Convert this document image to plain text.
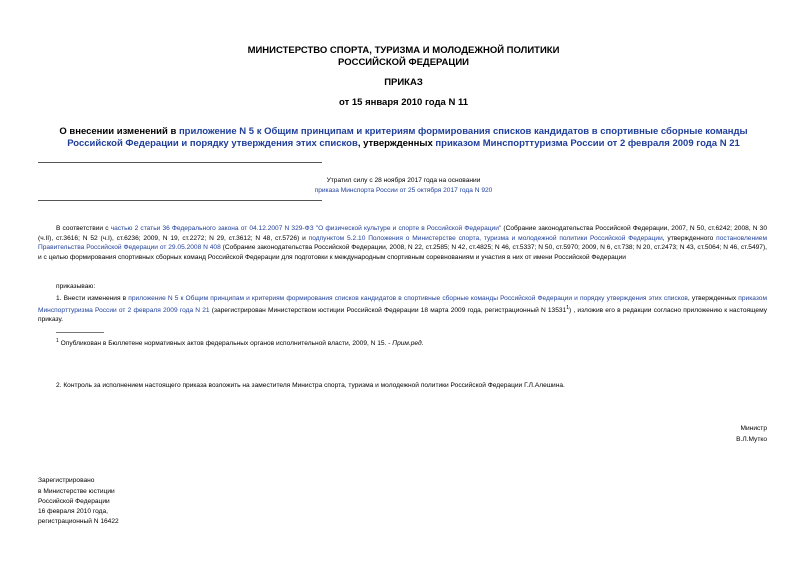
МИНИСТЕРСТВО СПОРТА, ТУРИЗМА И МОЛОДЕЖНОЙ ПОЛИТИКИ
РОССИЙСКОЙ ФЕДЕРАЦИИ
ПРИКАЗ
от 15 января 2010 года N 11
О внесении изменений в приложение N 5 к Общим принципам и критериям формирования списков кандидатов в спортивные сборные команды Российской Федерации и порядку утверждения этих списков, утвержденных приказом Минспорттуризма России от 2 февраля 2009 года N 21
Утратил силу с 28 ноября 2017 года на основании
приказа Минспорта России от 25 октября 2017 года N 920
В соответствии с частью 2 статьи 36 Федерального закона от 04.12.2007 N 329-ФЗ "О физической культуре и спорте в Российской Федерации" (Собрание законодательства Российской Федерации, 2007, N 50, ст.6242; 2008, N 30 (ч.II), ст.3616; N 52 (ч.I), ст.6236; 2009, N 19, ст.2272; N 29, ст.3612; N 48, ст.5726) и подпунктом 5.2.10 Положения о Министерстве спорта, туризма и молодежной политики Российской Федерации, утвержденного постановлением Правительства Российской Федерации от 29.05.2008 N 408 (Собрание законодательства Российской Федерации, 2008, N 22, ст.2585; N 42, ст.4825; N 46, ст.5337; N 50, ст.5970; 2009, N 6, ст.738; N 20, ст.2473; N 43, ст.5064; N 46, ст.5497), и с целью формирования спортивных сборных команд Российской Федерации для подготовки к международным спортивным соревнованиям и участия в них от имени Российской Федерации
приказываю:
1. Внести изменения в приложение N 5 к Общим принципам и критериям формирования списков кандидатов в спортивные сборные команды Российской Федерации и порядку утверждения этих списков, утвержденных приказом Минспорттуризма России от 2 февраля 2009 года N 21 (зарегистрирован Министерством юстиции Российской Федерации 18 марта 2009 года, регистрационный N 13531$^1$) , изложив его в редакции согласно приложению к настоящему приказу.
$^1$ Опубликован в Бюллетене нормативных актов федеральных органов исполнительной власти, 2009, N 15. - Прим.ред.
2. Контроль за исполнением настоящего приказа возложить на заместителя Министра спорта, туризма и молодежной политики Российской Федерации Г.Л.Алешина.
Министр
В.Л.Мутко
Зарегистрировано
в Министерстве юстиции
Российской Федерации
16 февраля 2010 года,
регистрационный N 16422
